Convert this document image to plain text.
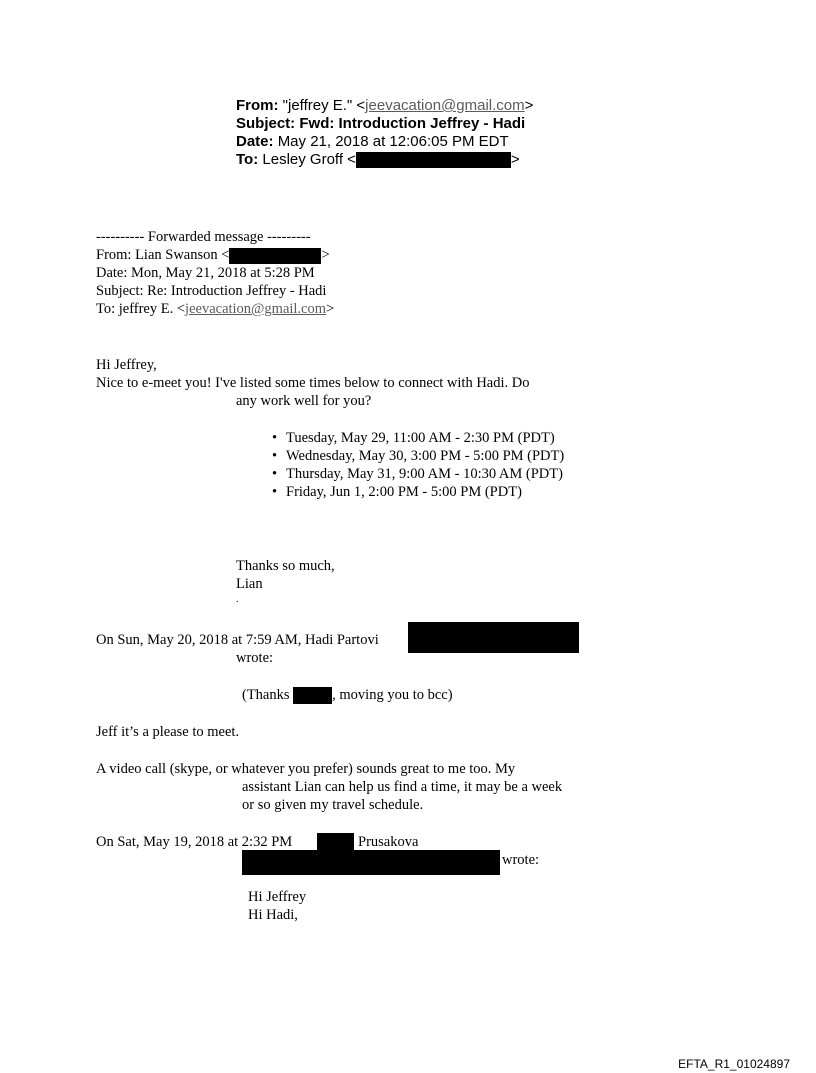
From: "jeffrey E." <jeevacation@gmail.com>
Subject: Fwd: Introduction Jeffrey - Hadi
Date: May 21, 2018 at 12:06:05 PM EDT
To: Lesley Groff <	>
---------- Forwarded message ---------
From: Lian Swanson <	>
Date: Mon, May 21, 2018 at 5:28 PM
Subject: Re: Introduction Jeffrey - Hadi
To: jeffrey E. <jeevacation@gmail.com>
Hi Jeffrey,
Nice to e-meet you! I've listed some times below to connect with Hadi. Do
any work well for you?
• Tuesday, May 29, 11:00 AM - 2:30 PM (PDT)
• Wednesday, May 30, 3:00 PM - 5:00 PM (PDT)
• Thursday, May 31, 9:00 AM - 10:30 AM (PDT)
• Friday, Jun 1, 2:00 PM - 5:00 PM (PDT)
Thanks so much,
Lian
.
On Sun, May 20, 2018 at 7:59 AM, Hadi Partovi
wrote:
(Thanks	, moving you to bcc)
Jeff it’s a please to meet.
A video call (skype, or whatever you prefer) sounds great to me too. My
assistant Lian can help us find a time, it may be a week
or so given my travel schedule.
On Sat, May 19, 2018 at 2:32 PM	Prusakova
wrote:
Hi Jeffrey
Hi Hadi,
EFTA_R1_01024897
